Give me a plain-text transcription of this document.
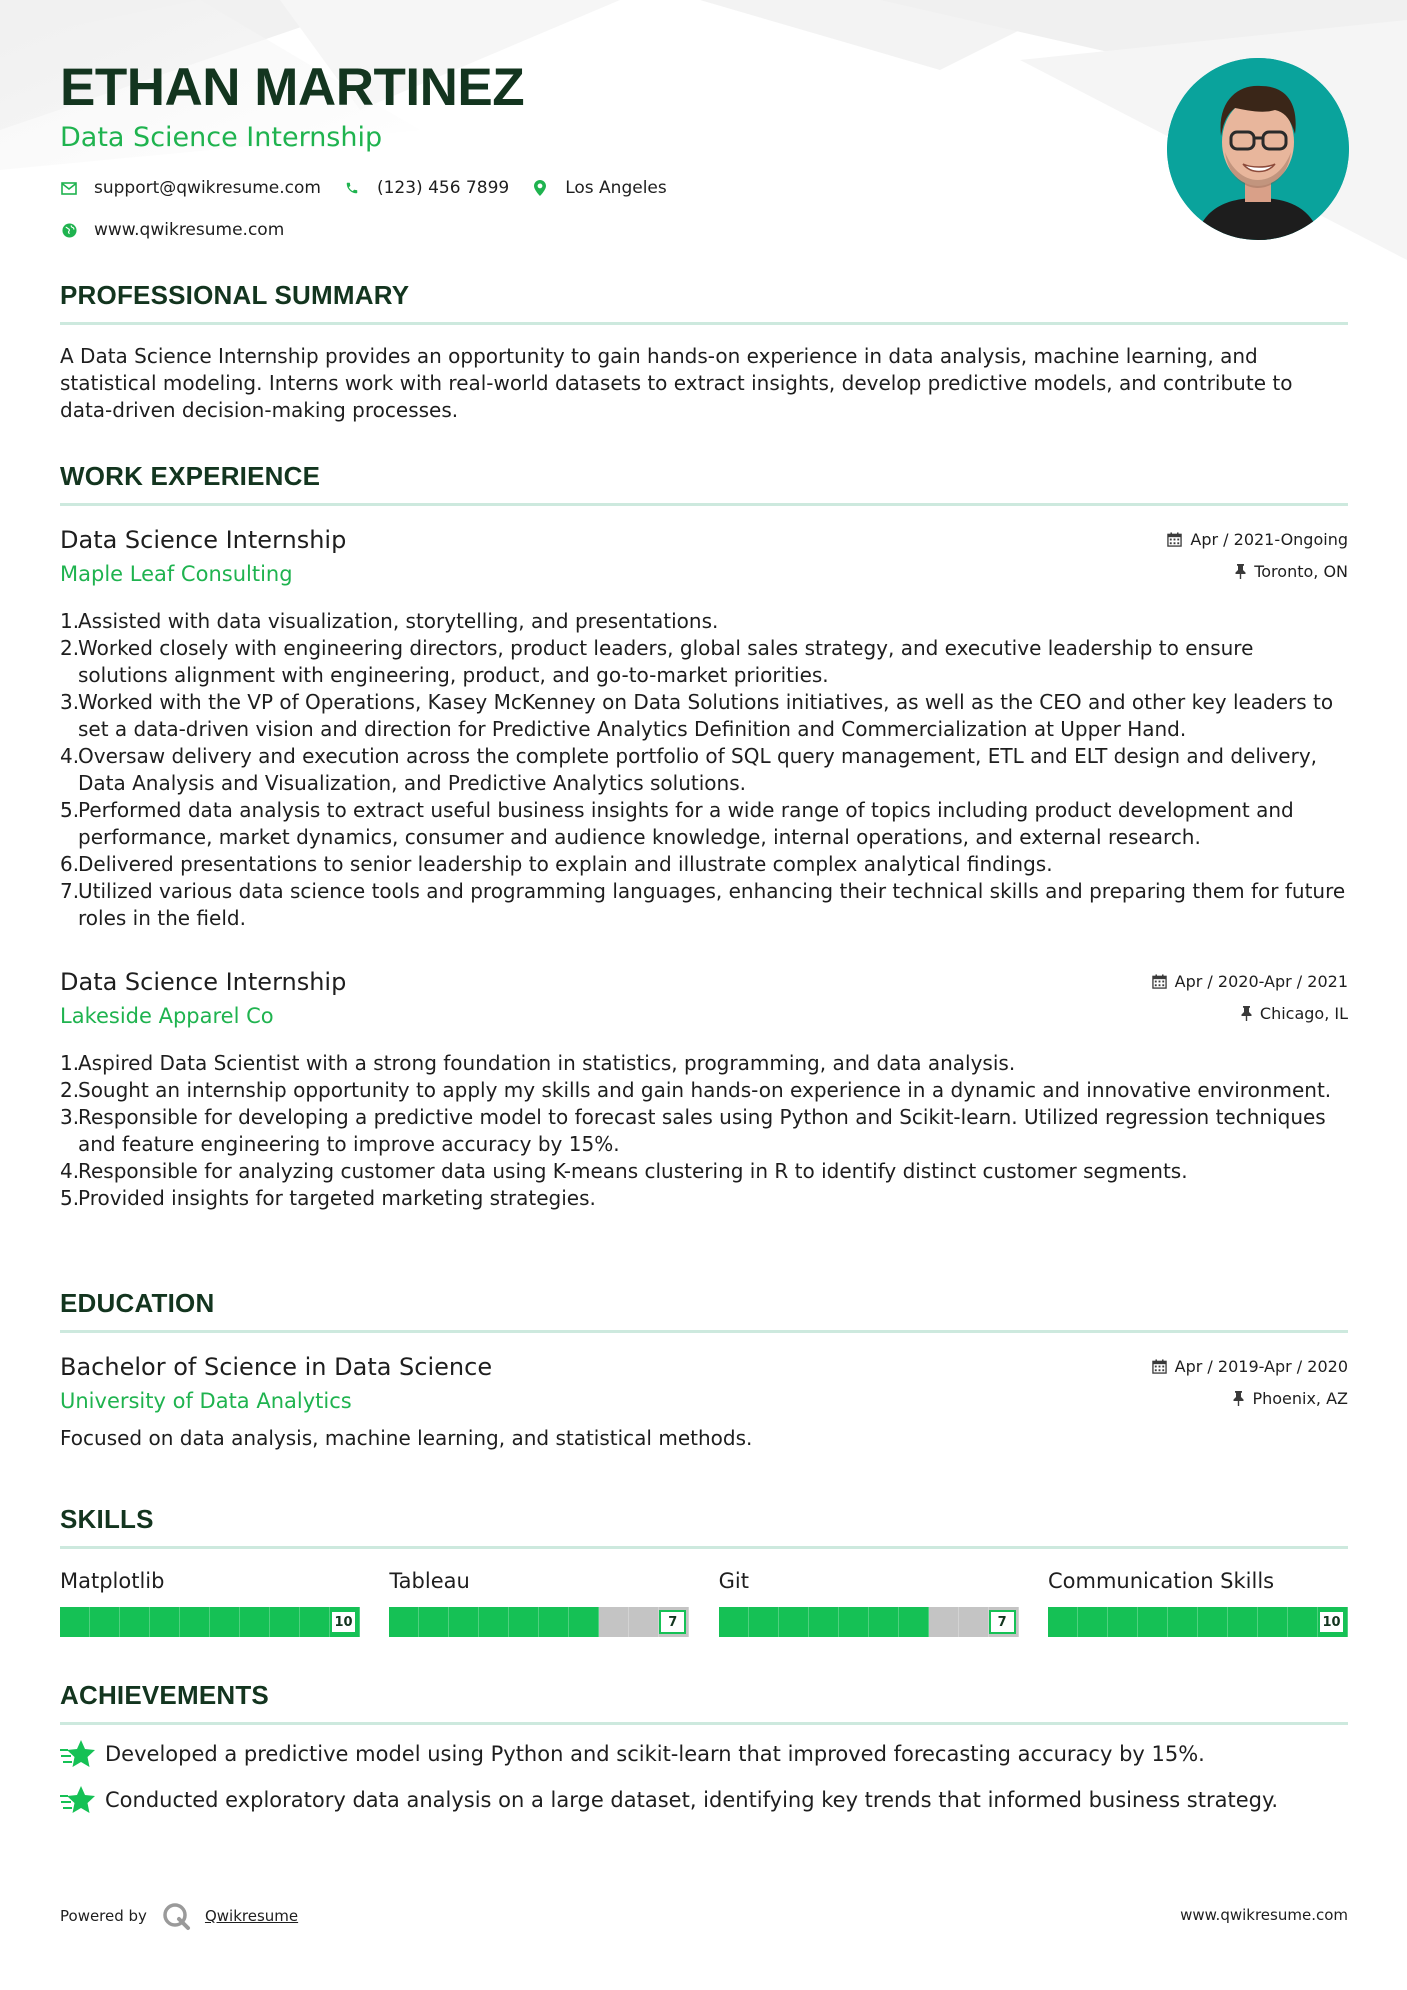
ETHAN MARTINEZ
Data Science Internship
support@qwikresume.com	(123) 456 7899	Los Angeles
www.qwikresume.com
PROFESSIONAL SUMMARY
A Data Science Internship provides an opportunity to gain hands-on experience in data analysis, machine learning, and statistical modeling. Interns work with real-world datasets to extract insights, develop predictive models, and contribute to data-driven decision-making processes.
WORK EXPERIENCE
Data Science Internship
Maple Leaf Consulting
Apr / 2021-Ongoing
Toronto, ON
1.
Assisted with data visualization, storytelling, and presentations.
2.
Worked closely with engineering directors, product leaders, global sales strategy, and executive leadership to ensure solutions alignment with engineering, product, and go-to-market priorities.
3.
Worked with the VP of Operations, Kasey McKenney on Data Solutions initiatives, as well as the CEO and other key leaders to set a data-driven vision and direction for Predictive Analytics Definition and Commercialization at Upper Hand.
4.
Oversaw delivery and execution across the complete portfolio of SQL query management, ETL and ELT design and delivery, Data Analysis and Visualization, and Predictive Analytics solutions.
5.
Performed data analysis to extract useful business insights for a wide range of topics including product development and performance, market dynamics, consumer and audience knowledge, internal operations, and external research.
6.
Delivered presentations to senior leadership to explain and illustrate complex analytical findings.
7.
Utilized various data science tools and programming languages, enhancing their technical skills and preparing them for future roles in the field.
Data Science Internship
Lakeside Apparel Co
Apr / 2020-Apr / 2021
Chicago, IL
1.
Aspired Data Scientist with a strong foundation in statistics, programming, and data analysis.
2.
Sought an internship opportunity to apply my skills and gain hands-on experience in a dynamic and innovative environment.
3.
Responsible for developing a predictive model to forecast sales using Python and Scikit-learn. Utilized regression techniques and feature engineering to improve accuracy by 15%.
4.
Responsible for analyzing customer data using K-means clustering in R to identify distinct customer segments.
5.
Provided insights for targeted marketing strategies.
EDUCATION
Bachelor of Science in Data Science
University of Data Analytics
Apr / 2019-Apr / 2020
Phoenix, AZ
Focused on data analysis, machine learning, and statistical methods.
SKILLS
Matplotlib
10
Tableau
7
Git
7
Communication Skills
10
ACHIEVEMENTS
Developed a predictive model using Python and scikit-learn that improved forecasting accuracy by 15%.
Conducted exploratory data analysis on a large dataset, identifying key trends that informed business strategy.
Powered by	Qwikresume	www.qwikresume.com
